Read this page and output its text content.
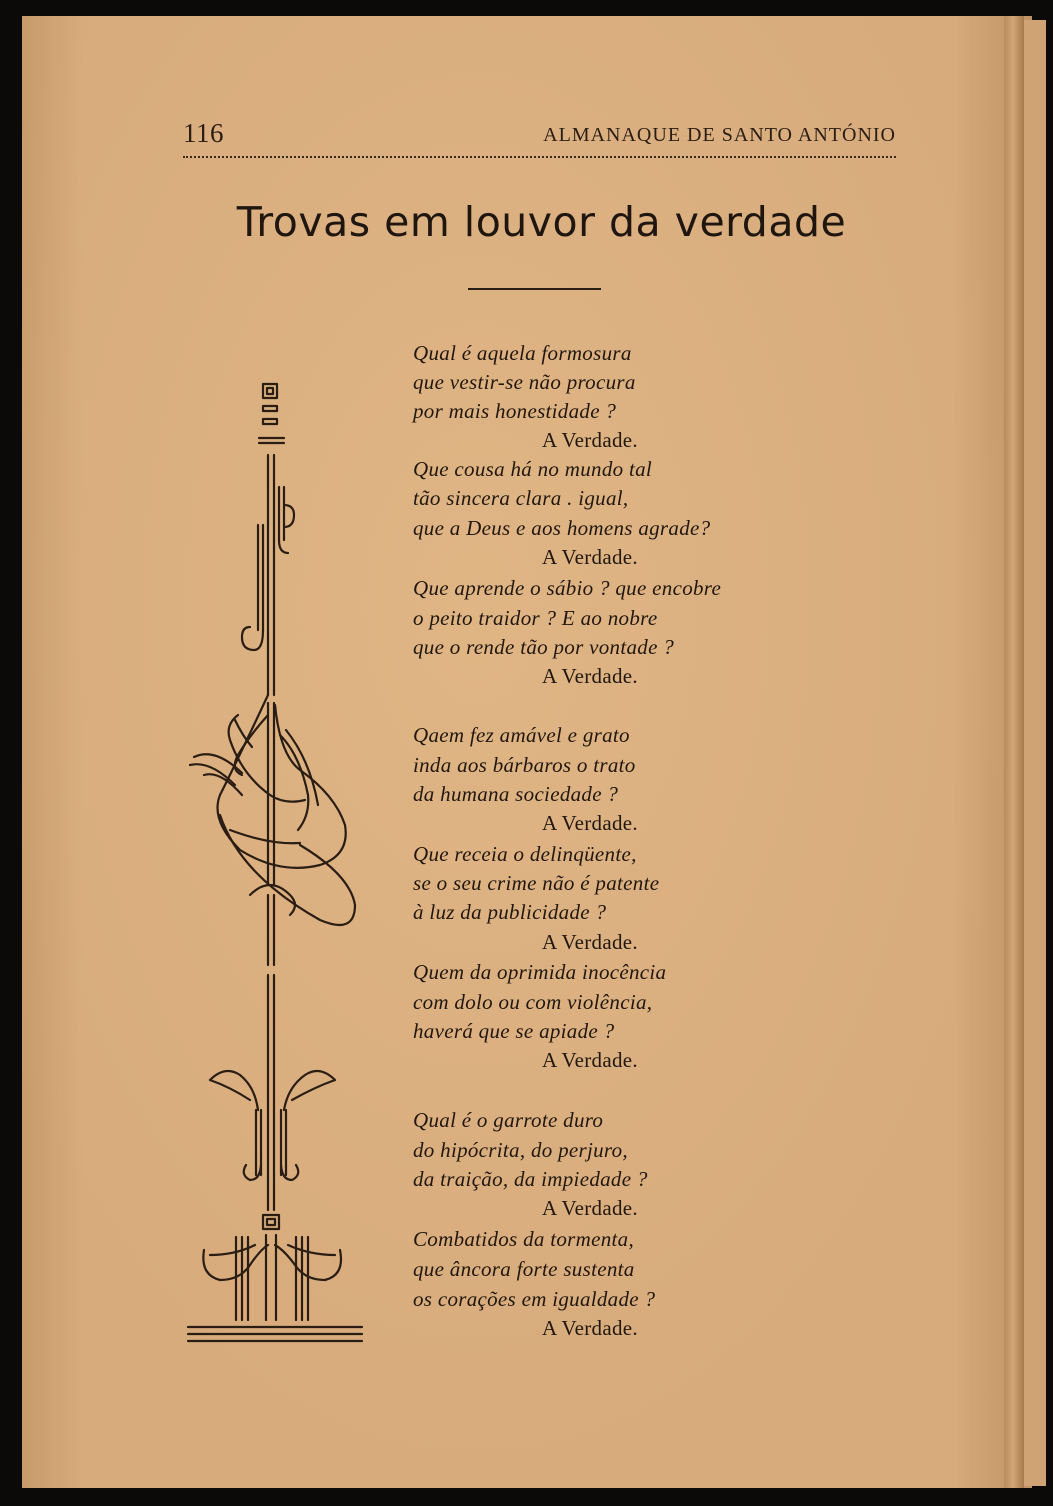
116	ALMANAQUE DE SANTO ANTÓNIO

Trovas em louvor da verdade
Qual é aquela formosura
que vestir-se não procura
por mais honestidade ?
A Verdade.
Que cousa há no mundo tal
tão sincera clara . igual,
que a Deus e aos homens agrade?
A Verdade.
Que aprende o sábio ? que encobre
o peito traidor ? E ao nobre
que o rende tão por vontade ?
A Verdade.
Qaem fez amável e grato
inda aos bárbaros o trato
da humana sociedade ?
A Verdade.
Que receia o delinqüente,
se o seu crime não é patente
à luz da publicidade ?
A Verdade.
Quem da oprimida inocência
com dolo ou com violência,
haverá que se apiade ?
A Verdade.
Qual é o garrote duro
do hipócrita, do perjuro,
da traição, da impiedade ?
A Verdade.
Combatidos da tormenta,
que âncora forte sustenta
os corações em igualdade ?
A Verdade.
